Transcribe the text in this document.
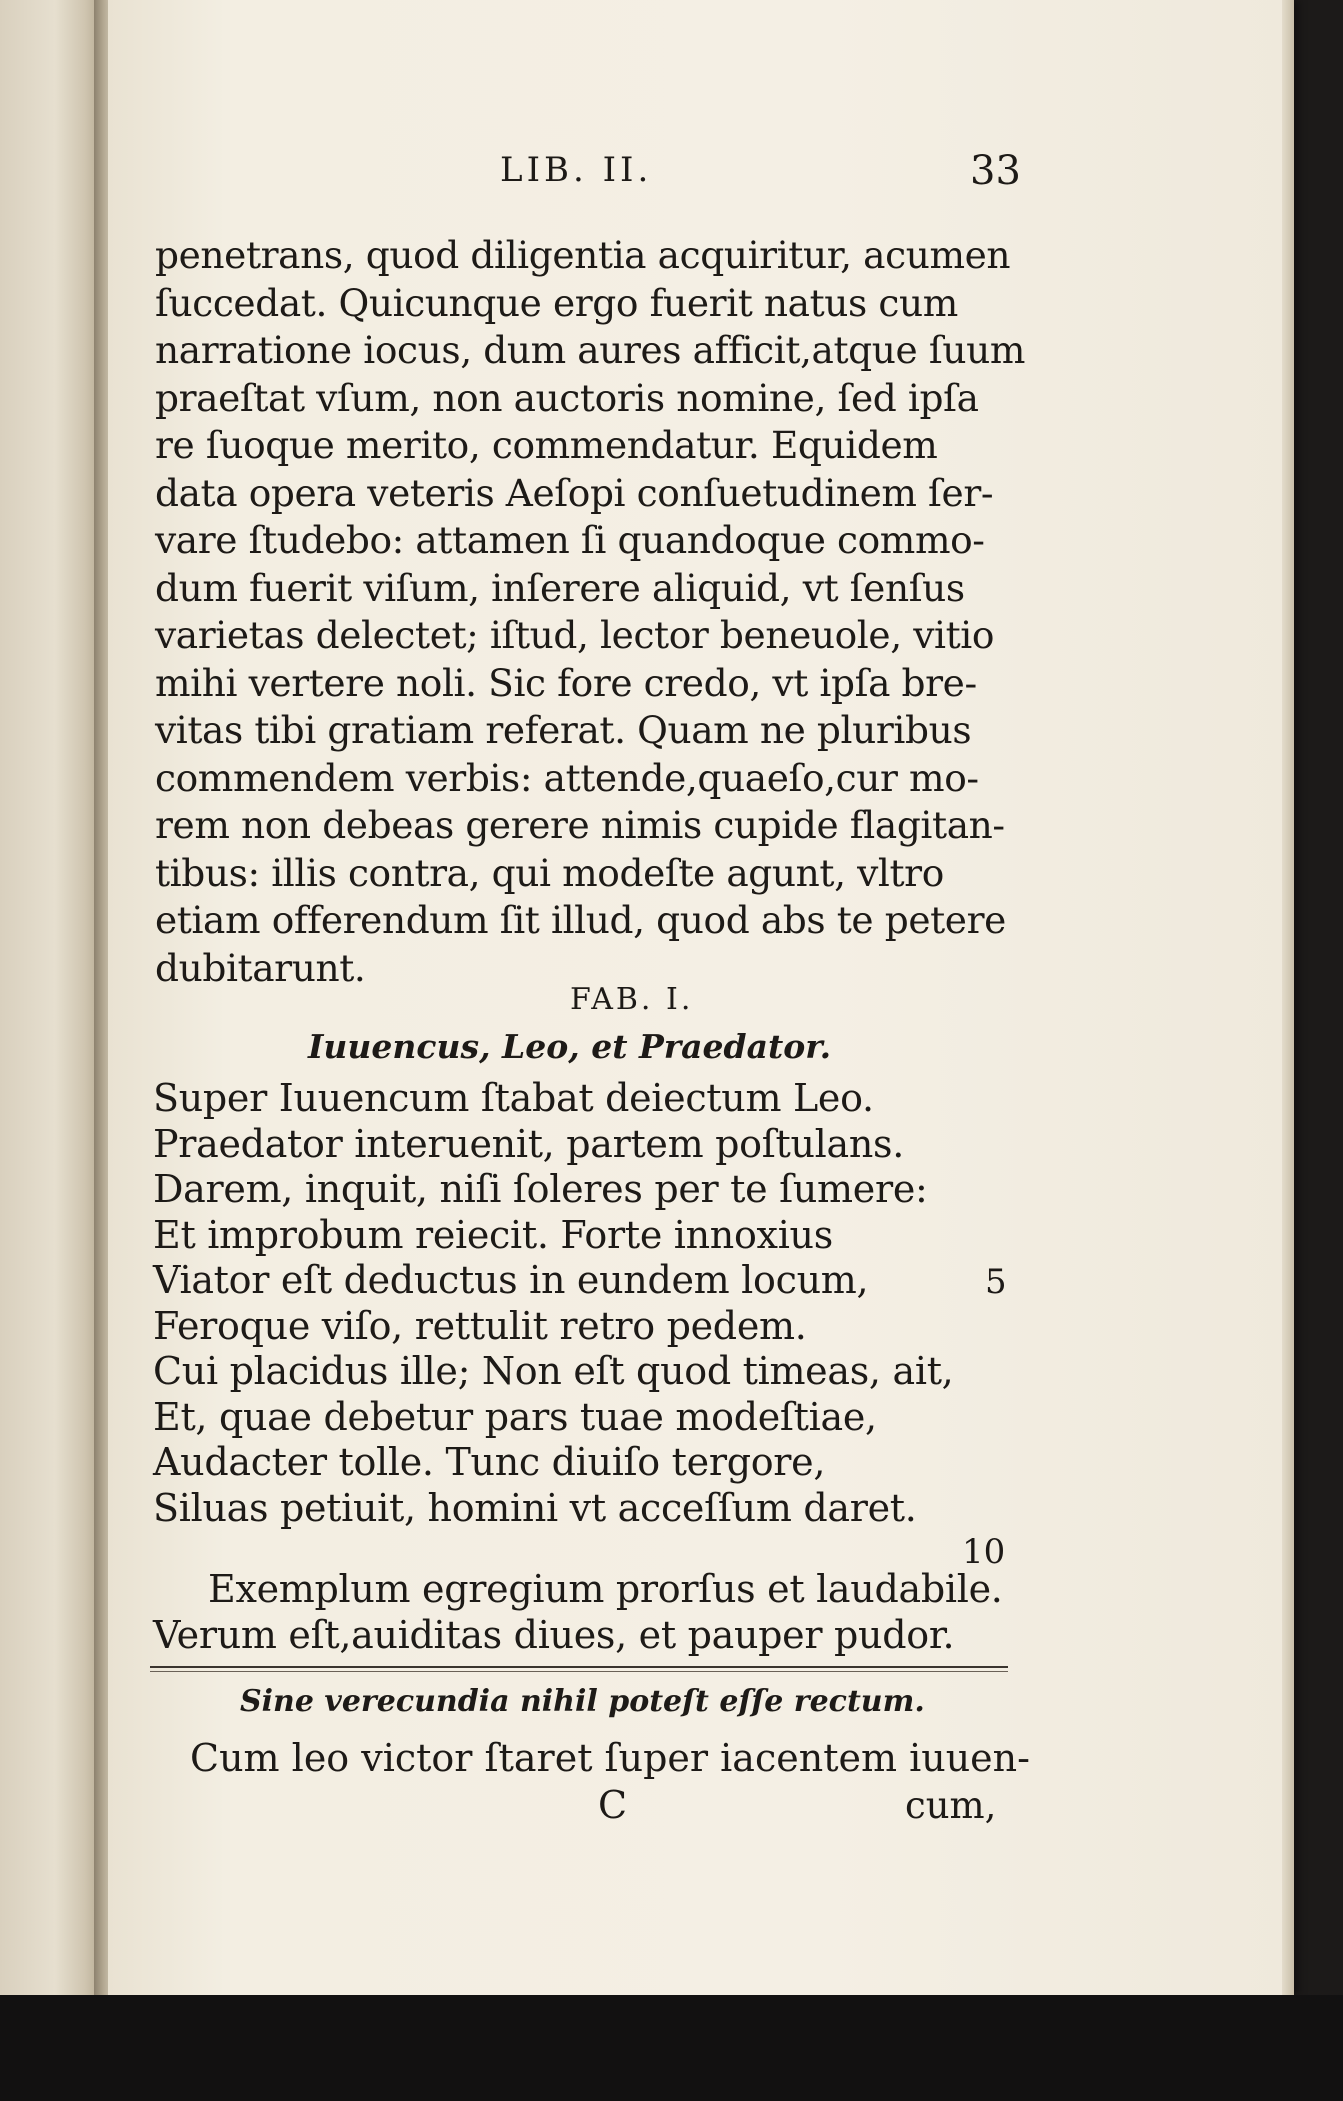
LIB. II.	33
penetrans, quod diligentia acquiritur, acumen
ſuccedat. Quicunque ergo fuerit natus cum
narratione iocus, dum aures afficit,atque ſuum
praeſtat vſum, non auctoris nomine, ſed ipſa
re ſuoque merito, commendatur. Equidem
data opera veteris Aeſopi conſuetudinem ſer-
vare ſtudebo: attamen ſi quandoque commo-
dum fuerit viſum, inſerere aliquid, vt ſenſus
varietas delectet; iſtud, lector beneuole, vitio
mihi vertere noli. Sic fore credo, vt ipſa bre-
vitas tibi gratiam referat. Quam ne pluribus
commendem verbis: attende,quaeſo,cur mo-
rem non debeas gerere nimis cupide flagitan-
tibus: illis contra, qui modeſte agunt, vltro
etiam offerendum ſit illud, quod abs te petere
dubitarunt.
FAB. I.
Iuuencus, Leo, et Praedator.
Super Iuuencum ſtabat deiectum Leo.
Praedator interuenit, partem poſtulans.
Darem, inquit, niſi ſoleres per te ſumere:
Et improbum reiecit. Forte innoxius
Viator eſt deductus in eundem locum,	5
Feroque viſo, rettulit retro pedem.
Cui placidus ille; Non eſt quod timeas, ait,
Et, quae debetur pars tuae modeſtiae,
Audacter tolle. Tunc diuiſo tergore,
Siluas petiuit, homini vt acceſſum daret.
10
Exemplum egregium prorſus et laudabile.
Verum eſt,auiditas diues, et pauper pudor.
Sine verecundia nihil poteſt eſſe rectum.
Cum leo victor ſtaret ſuper iacentem iuuen-
C	cum,
